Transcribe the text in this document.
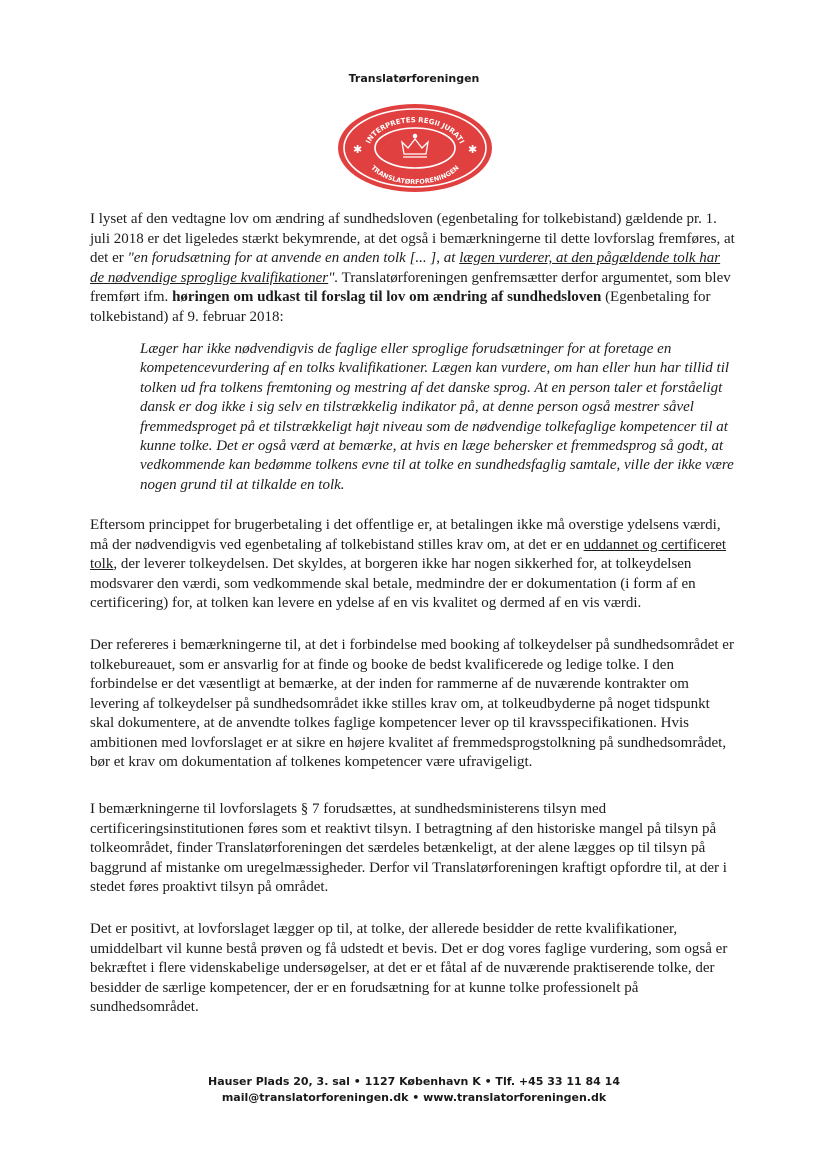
Translatørforeningen
INTERPRETES REGII JURATI
TRANSLATØRFORENINGEN
✱	✱

I lyset af den vedtagne lov om ændring af sundhedsloven (egenbetaling for tolkebistand) gældende pr. 1. juli 2018 er det ligeledes stærkt bekymrende, at det også i bemærkningerne til dette lovforslag fremføres, at det er "en forudsætning for at anvende en anden tolk [... ], at lægen vurderer, at den pågældende tolk har de nødvendige sproglige kvalifikationer". Translatørforeningen genfremsætter derfor argumentet, som blev fremført ifm. høringen om udkast til forslag til lov om ændring af sundhedsloven (Egenbetaling for tolkebistand) af 9. februar 2018:

Læger har ikke nødvendigvis de faglige eller sproglige forudsætninger for at foretage en kompetencevurdering af en tolks kvalifikationer. Lægen kan vurdere, om han eller hun har tillid til tolken ud fra tolkens fremtoning og mestring af det danske sprog. At en person taler et forståeligt dansk er dog ikke i sig selv en tilstrækkelig indikator på, at denne person også mestrer såvel fremmedsproget på et tilstrækkeligt højt niveau som de nødvendige tolkefaglige kompetencer til at kunne tolke. Det er også værd at bemærke, at hvis en læge behersker et fremmedsprog så godt, at vedkommende kan bedømme tolkens evne til at tolke en sundhedsfaglig samtale, ville der ikke være nogen grund til at tilkalde en tolk.

Eftersom princippet for brugerbetaling i det offentlige er, at betalingen ikke må overstige ydelsens værdi, må der nødvendigvis ved egenbetaling af tolkebistand stilles krav om, at det er en uddannet og certificeret tolk, der leverer tolkeydelsen. Det skyldes, at borgeren ikke har nogen sikkerhed for, at tolkeydelsen modsvarer den værdi, som vedkommende skal betale, medmindre der er dokumentation (i form af en certificering) for, at tolken kan levere en ydelse af en vis kvalitet og dermed af en vis værdi.

Der refereres i bemærkningerne til, at det i forbindelse med booking af tolkeydelser på sundhedsområdet er tolkebureauet, som er ansvarlig for at finde og booke de bedst kvalificerede og ledige tolke. I den forbindelse er det væsentligt at bemærke, at der inden for rammerne af de nuværende kontrakter om levering af tolkeydelser på sundhedsområdet ikke stilles krav om, at tolkeudbyderne på noget tidspunkt skal dokumentere, at de anvendte tolkes faglige kompetencer lever op til kravsspecifikationen. Hvis ambitionen med lovforslaget er at sikre en højere kvalitet af fremmedsprogstolkning på sundhedsområdet, bør et krav om dokumentation af tolkenes kompetencer være ufravigeligt.
I bemærkningerne til lovforslagets § 7 forudsættes, at sundhedsministerens tilsyn med certificeringsinstitutionen føres som et reaktivt tilsyn. I betragtning af den historiske mangel på tilsyn på tolkeområdet, finder Translatørforeningen det særdeles betænkeligt, at der alene lægges op til tilsyn på baggrund af mistanke om uregelmæssigheder. Derfor vil Translatørforeningen kraftigt opfordre til, at der i stedet føres proaktivt tilsyn på området.
Det er positivt, at lovforslaget lægger op til, at tolke, der allerede besidder de rette kvalifikationer, umiddelbart vil kunne bestå prøven og få udstedt et bevis. Det er dog vores faglige vurdering, som også er bekræftet i flere videnskabelige undersøgelser, at det er et fåtal af de nuværende praktiserende tolke, der besidder de særlige kompetencer, der er en forudsætning for at kunne tolke professionelt på sundhedsområdet.
Hauser Plads 20, 3. sal • 1127 København K • Tlf. +45 33 11 84 14
mail@translatorforeningen.dk • www.translatorforeningen.dk
